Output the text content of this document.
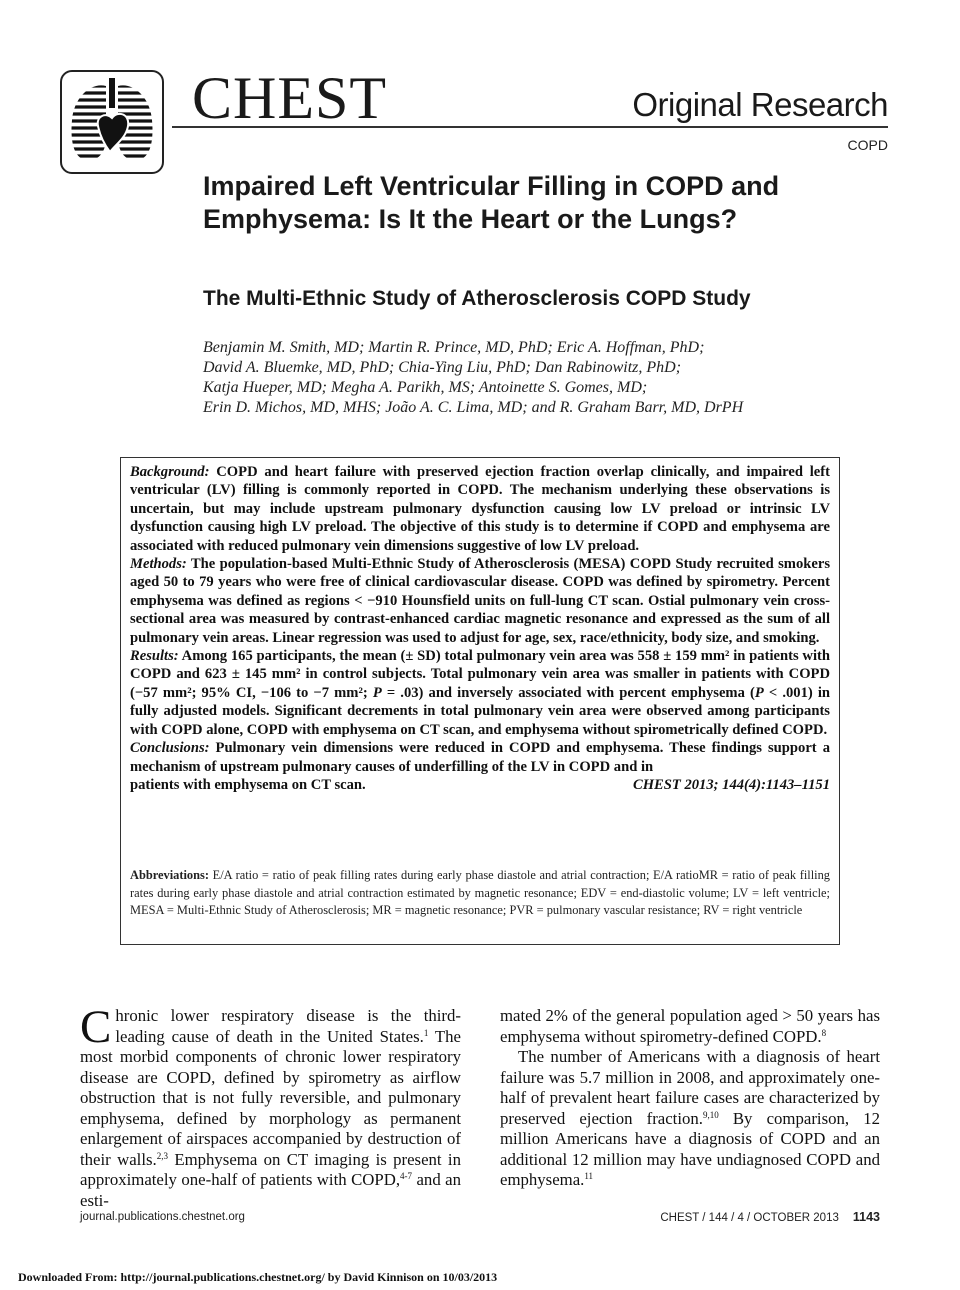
CHEST	Original Research
COPD
Impaired Left Ventricular Filling in COPD and Emphysema: Is It the Heart or the Lungs?
The Multi-Ethnic Study of Atherosclerosis COPD Study
Benjamin M. Smith, MD; Martin R. Prince, MD, PhD; Eric A. Hoffman, PhD;
David A. Bluemke, MD, PhD; Chia-Ying Liu, PhD; Dan Rabinowitz, PhD;
Katja Hueper, MD; Megha A. Parikh, MS; Antoinette S. Gomes, MD;
Erin D. Michos, MD, MHS; João A. C. Lima, MD; and R. Graham Barr, MD, DrPH

Background: COPD and heart failure with preserved ejection fraction overlap clinically, and impaired left ventricular (LV) filling is commonly reported in COPD. The mechanism underlying these observations is uncertain, but may include upstream pulmonary dysfunction causing low LV preload or intrinsic LV dysfunction causing high LV preload. The objective of this study is to determine if COPD and emphysema are associated with reduced pulmonary vein dimensions suggestive of low LV preload.

Methods: The population-based Multi-Ethnic Study of Atherosclerosis (MESA) COPD Study recruited smokers aged 50 to 79 years who were free of clinical cardiovascular disease. COPD was defined by spirometry. Percent emphysema was defined as regions < −910 Hounsfield units on full-lung CT scan. Ostial pulmonary vein cross-sectional area was measured by contrast-enhanced cardiac magnetic resonance and expressed as the sum of all pulmonary vein areas. Linear regression was used to adjust for age, sex, race/ethnicity, body size, and smoking.

Results: Among 165 participants, the mean (± SD) total pulmonary vein area was 558 ± 159 mm² in patients with COPD and 623 ± 145 mm² in control subjects. Total pulmonary vein area was smaller in patients with COPD (−57 mm²; 95% CI, −106 to −7 mm²; P = .03) and inversely associated with percent emphysema (P < .001) in fully adjusted models. Significant decrements in total pulmonary vein area were observed among participants with COPD alone, COPD with emphysema on CT scan, and emphysema without spirometrically defined COPD.

Conclusions: Pulmonary vein dimensions were reduced in COPD and emphysema. These findings support a mechanism of upstream pulmonary causes of underfilling of the LV in COPD and in

patients with emphysema on CT scan.	CHEST 2013; 144(4):1143–1151
Abbreviations: E/A ratio = ratio of peak filling rates during early phase diastole and atrial contraction; E/A ratioMR = ratio of peak filling rates during early phase diastole and atrial contraction estimated by magnetic resonance; EDV = end-diastolic volume; LV = left ventricle; MESA = Multi-Ethnic Study of Atherosclerosis; MR = magnetic resonance; PVR = pulmonary vascular resistance; RV = right ventricle

Chronic lower respiratory disease is the third-leading cause of death in the United States.$^1$ The most morbid components of chronic lower respiratory disease are COPD, defined by spirometry as airflow obstruction that is not fully reversible, and pulmonary emphysema, defined by morphology as permanent enlargement of airspaces accompanied by destruction of their walls.$^{2,3}$ Emphysema on CT imaging is present in approximately one-half of patients with COPD,$^{4-7}$ and an esti-

mated 2% of the general population aged > 50 years has emphysema without spirometry-defined COPD.$^8$

The number of Americans with a diagnosis of heart failure was 5.7 million in 2008, and approximately one-half of prevalent heart failure cases are characterized by preserved ejection fraction.$^{9,10}$ By comparison, 12 million Americans have a diagnosis of COPD and an additional 12 million may have undiagnosed COPD and emphysema.$^{11}$

journal.publications.chestnet.org	CHEST / 144 / 4 / OCTOBER 2013 1143
Downloaded From: http://journal.publications.chestnet.org/ by David Kinnison on 10/03/2013
